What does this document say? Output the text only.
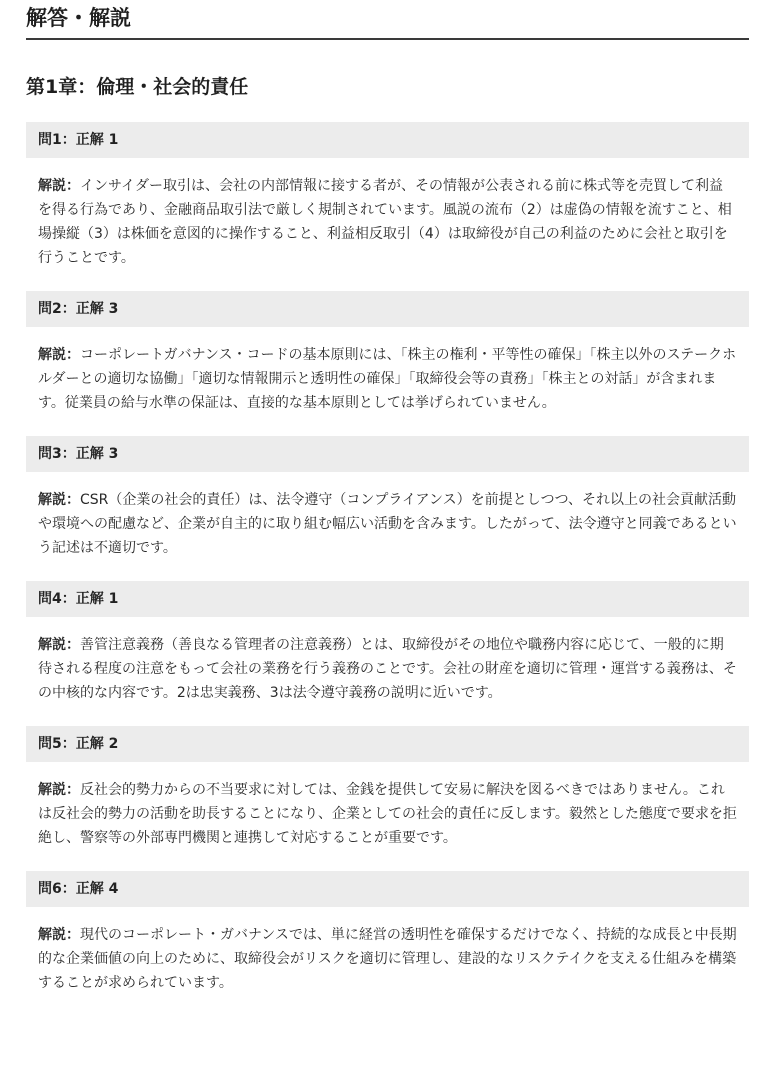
解答・解説
第1章：倫理・社会的責任
問1：正解 1
解説：インサイダー取引は、会社の内部情報に接する者が、その情報が公表される前に株式等を売買して利益を得る行為であり、金融商品取引法で厳しく規制されています。風説の流布（2）は虚偽の情報を流すこと、相場操縦（3）は株価を意図的に操作すること、利益相反取引（4）は取締役が自己の利益のために会社と取引を行うことです。
問2：正解 3
解説：コーポレートガバナンス・コードの基本原則には、「株主の権利・平等性の確保」「株主以外のステークホルダーとの適切な協働」「適切な情報開示と透明性の確保」「取締役会等の責務」「株主との対話」が含まれます。従業員の給与水準の保証は、直接的な基本原則としては挙げられていません。
問3：正解 3
解説：CSR（企業の社会的責任）は、法令遵守（コンプライアンス）を前提としつつ、それ以上の社会貢献活動や環境への配慮など、企業が自主的に取り組む幅広い活動を含みます。したがって、法令遵守と同義であるという記述は不適切です。
問4：正解 1
解説：善管注意義務（善良なる管理者の注意義務）とは、取締役がその地位や職務内容に応じて、一般的に期待される程度の注意をもって会社の業務を行う義務のことです。会社の財産を適切に管理・運営する義務は、その中核的な内容です。2は忠実義務、3は法令遵守義務の説明に近いです。
問5：正解 2
解説：反社会的勢力からの不当要求に対しては、金銭を提供して安易に解決を図るべきではありません。これは反社会的勢力の活動を助長することになり、企業としての社会的責任に反します。毅然とした態度で要求を拒絶し、警察等の外部専門機関と連携して対応することが重要です。
問6：正解 4
解説：現代のコーポレート・ガバナンスでは、単に経営の透明性を確保するだけでなく、持続的な成長と中長期的な企業価値の向上のために、取締役会がリスクを適切に管理し、建設的なリスクテイクを支える仕組みを構築することが求められています。
